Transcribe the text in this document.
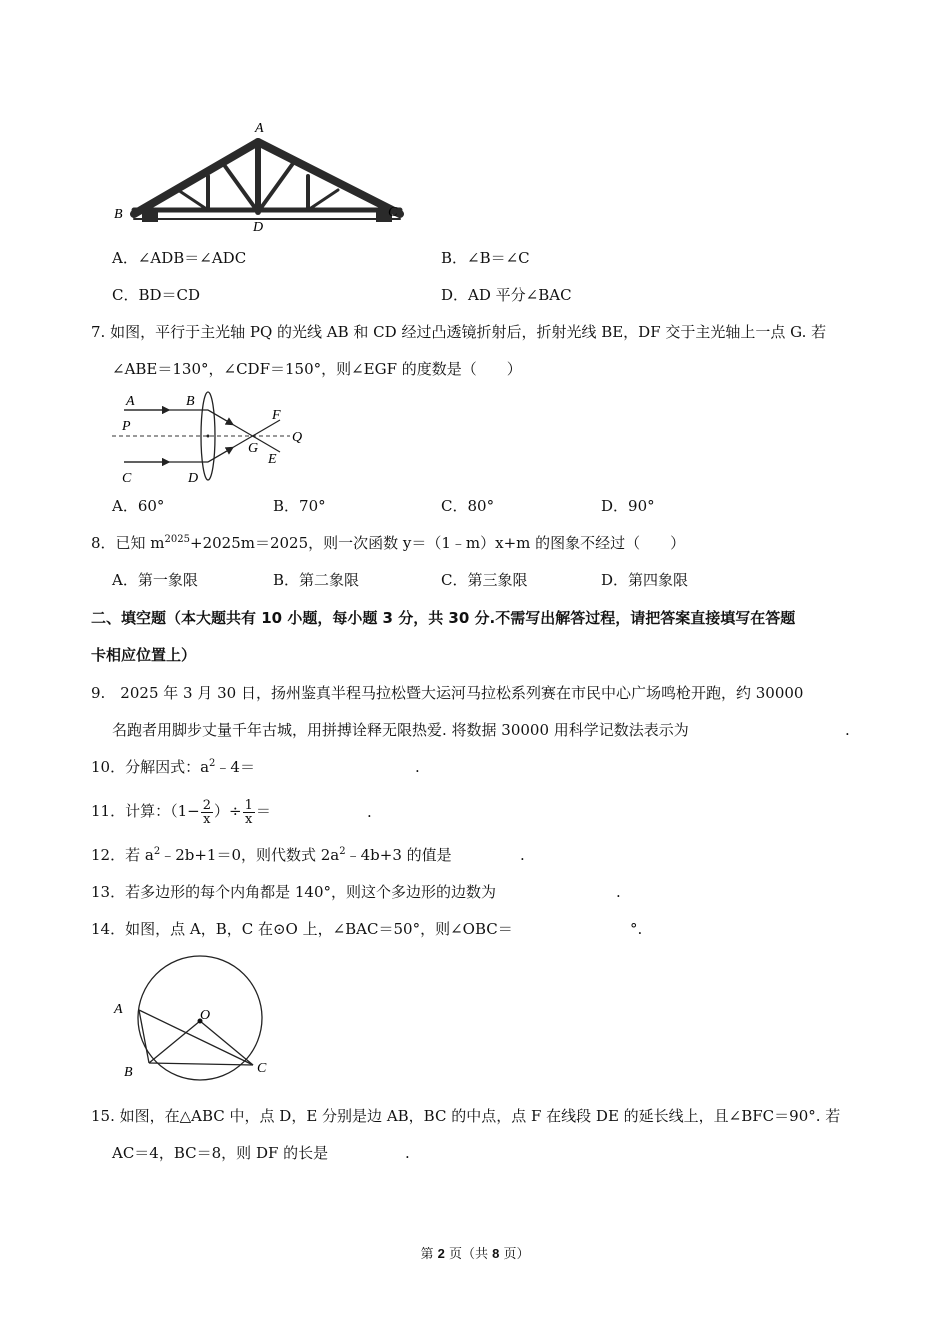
A
B	C
D
A．∠ADB＝∠ADC	B．∠B＝∠C
C．BD＝CD	D．AD 平分∠BAC
7. 如图，平行于主光轴 PQ 的光线 AB 和 CD 经过凸透镜折射后，折射光线 BE，DF 交于主光轴上一点 G. 若
∠ABE＝130°，∠CDF＝150°，则∠EGF 的度数是（　　）
A	B
F
P
G
Q
E
C	D
A．60°	B．70°	C．80°	D．90°
8．已知 $m^{2025}+2025m=2025$，则一次函数 y＝（1﹣m）x+m 的图象不经过（　　）
A．第一象限	B．第二象限	C．第三象限	D．第四象限
二、填空题（本大题共有 10 小题，每小题 3 分，共 30 分.不需写出解答过程，请把答案直接填写在答题
卡相应位置上）
9.　2025 年 3 月 30 日，扬州鉴真半程马拉松暨大运河马拉松系列赛在市民中心广场鸣枪开跑，约 30000
名跑者用脚步丈量千年古城，用拼搏诠释无限热爱. 将数据 30000 用科学记数法表示为	.
10．分解因式：$a^2﹣4=$	.
11．计算：（$1- \frac{2}{x}$ ）÷ $\frac{1}{x}$ ＝	.
12．若 $a^2﹣2b+1=0$，则代数式 $2a^2﹣4b+3$ 的值是	.
13．若多边形的每个内角都是 140°，则这个多边形的边数为	.
14．如图，点 A，B，C 在⊙O 上，∠BAC＝50°，则∠OBC＝	°.
A	O
B	C
15. 如图，在△ABC 中，点 D，E 分别是边 AB，BC 的中点，点 F 在线段 DE 的延长线上，且∠BFC＝90°. 若
AC＝4，BC＝8，则 DF 的长是	.
第 2 页（共 8 页）
